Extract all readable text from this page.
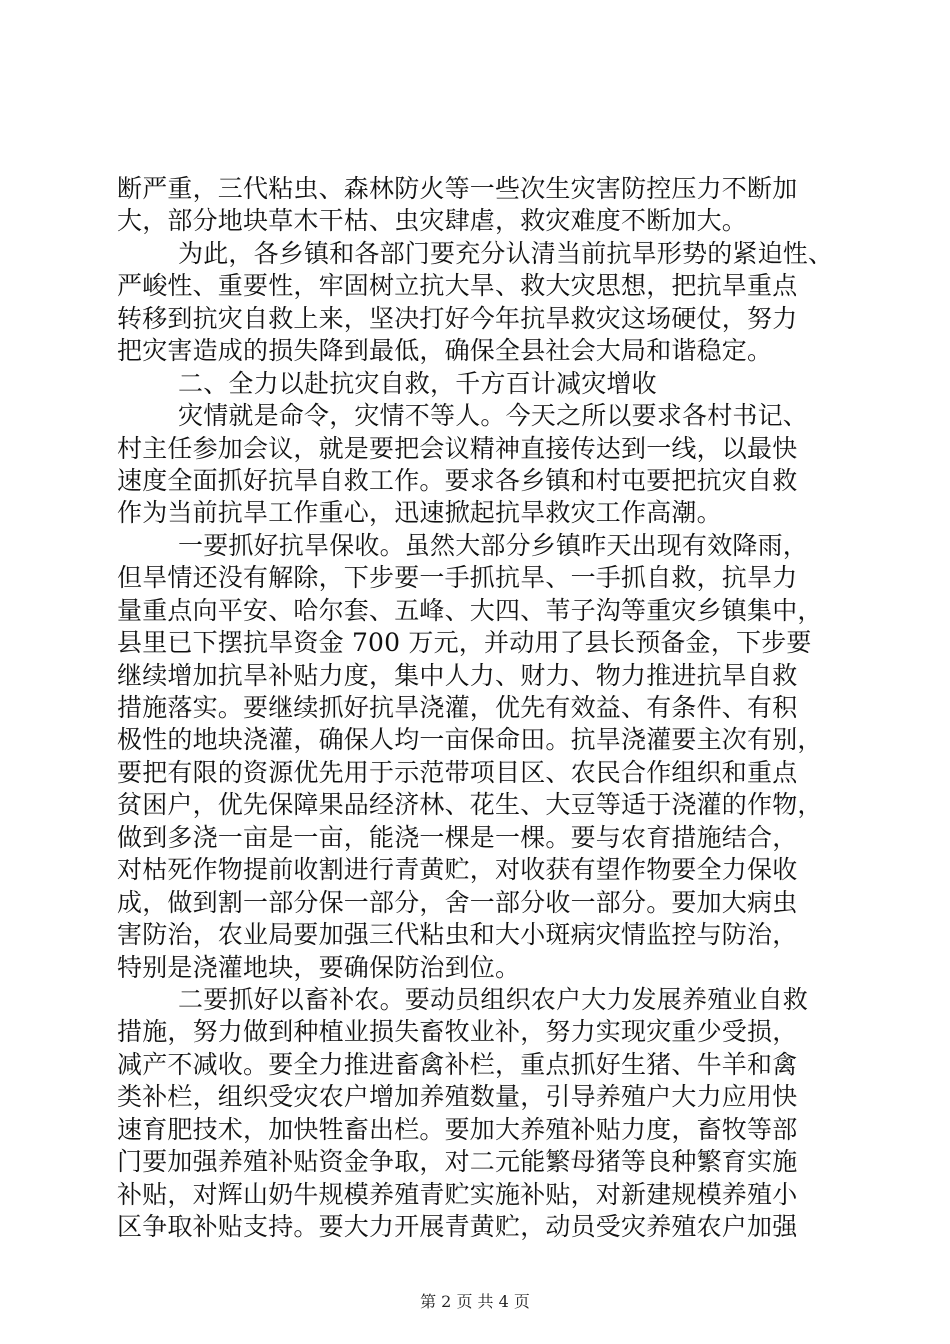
断严重，三代粘虫、森林防火等一些次生灾害防控压力不断加
大，部分地块草木干枯、虫灾肆虐，救灾难度不断加大。
为此，各乡镇和各部门要充分认清当前抗旱形势的紧迫性、
严峻性、重要性，牢固树立抗大旱、救大灾思想，把抗旱重点
转移到抗灾自救上来，坚决打好今年抗旱救灾这场硬仗，努力
把灾害造成的损失降到最低，确保全县社会大局和谐稳定。
二、全力以赴抗灾自救，千方百计减灾增收
灾情就是命令，灾情不等人。今天之所以要求各村书记、
村主任参加会议，就是要把会议精神直接传达到一线，以最快
速度全面抓好抗旱自救工作。要求各乡镇和村屯要把抗灾自救
作为当前抗旱工作重心，迅速掀起抗旱救灾工作高潮。
一要抓好抗旱保收。虽然大部分乡镇昨天出现有效降雨，
但旱情还没有解除，下步要一手抓抗旱、一手抓自救，抗旱力
量重点向平安、哈尔套、五峰、大四、苇子沟等重灾乡镇集中，
县里已下摆抗旱资金 700 万元，并动用了县长预备金，下步要
继续增加抗旱补贴力度，集中人力、财力、物力推进抗旱自救
措施落实。要继续抓好抗旱浇灌，优先有效益、有条件、有积
极性的地块浇灌，确保人均一亩保命田。抗旱浇灌要主次有别，
要把有限的资源优先用于示范带项目区、农民合作组织和重点
贫困户，优先保障果品经济林、花生、大豆等适于浇灌的作物，
做到多浇一亩是一亩，能浇一棵是一棵。要与农育措施结合，
对枯死作物提前收割进行青黄贮，对收获有望作物要全力保收
成，做到割一部分保一部分，舍一部分收一部分。要加大病虫
害防治，农业局要加强三代粘虫和大小斑病灾情监控与防治，
特别是浇灌地块，要确保防治到位。
二要抓好以畜补农。要动员组织农户大力发展养殖业自救
措施，努力做到种植业损失畜牧业补，努力实现灾重少受损，
减产不减收。要全力推进畜禽补栏，重点抓好生猪、牛羊和禽
类补栏，组织受灾农户增加养殖数量，引导养殖户大力应用快
速育肥技术，加快牲畜出栏。要加大养殖补贴力度，畜牧等部
门要加强养殖补贴资金争取，对二元能繁母猪等良种繁育实施
补贴，对辉山奶牛规模养殖青贮实施补贴，对新建规模养殖小
区争取补贴支持。要大力开展青黄贮，动员受灾养殖农户加强
第 2 页 共 4 页
